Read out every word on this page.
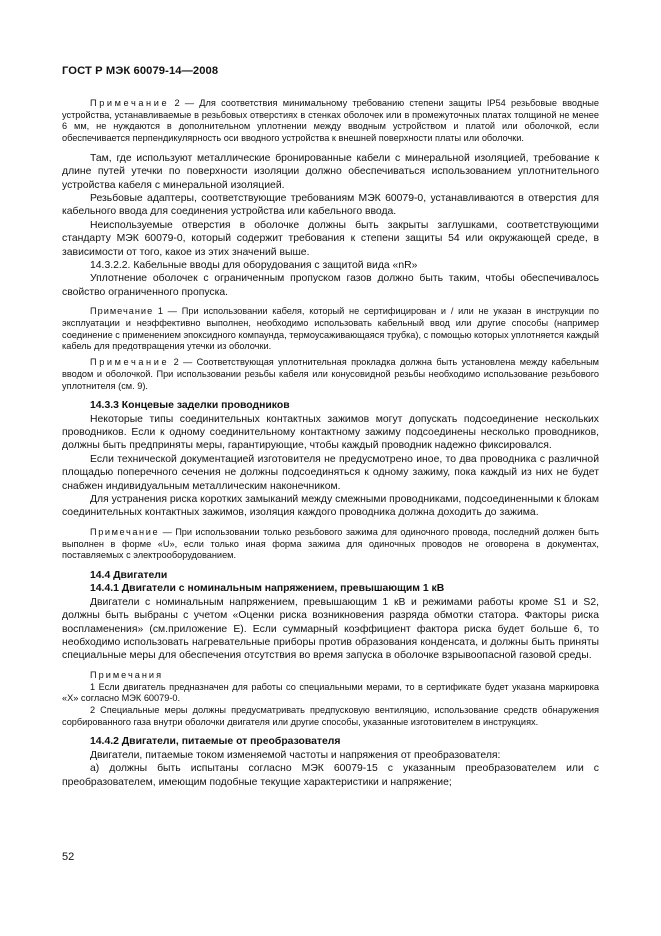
ГОСТ Р МЭК 60079-14—2008

Примечание 2 — Для соответствия минимальному требованию степени защиты IP54 резьбовые вводные устройства, устанавливаемые в резьбовых отверстиях в стенках оболочек или в промежуточных платах толщиной не менее 6 мм, не нуждаются в дополнительном уплотнении между вводным устройством и платой или оболочкой, если обеспечивается перпендикулярность оси вводного устройства к внешней поверхности платы или оболочки.

Там, где используют металлические бронированные кабели с минеральной изоляцией, требование к длине путей утечки по поверхности изоляции должно обеспечиваться использованием уплотнительного устройства кабеля с минеральной изоляцией.

Резьбовые адаптеры, соответствующие требованиям МЭК 60079-0, устанавливаются в отверстия для кабельного ввода для соединения устройства или кабельного ввода.

Неиспользуемые отверстия в оболочке должны быть закрыты заглушками, соответствующими стандарту МЭК 60079-0, который содержит требования к степени защиты 54 или окружающей среде, в зависимости от того, какое из этих значений выше.

14.3.2.2. Кабельные вводы для оборудования с защитой вида «nR»

Уплотнение оболочек с ограниченным пропуском газов должно быть таким, чтобы обеспечивалось свойство ограниченного пропуска.

Примечание 1 — При использовании кабеля, который не сертифицирован и / или не указан в инструкции по эксплуатации и неэффективно выполнен, необходимо использовать кабельный ввод или другие способы (например соединение с применением эпоксидного компаунда, термоусаживающаяся трубка), с помощью которых уплотняется каждый кабель для предотвращения утечки из оболочки.

Примечание 2 — Соответствующая уплотнительная прокладка должна быть установлена между кабельным вводом и оболочкой. При использовании резьбы кабеля или конусовидной резьбы необходимо использование резьбового уплотнителя (см. 9).

14.3.3 Концевые заделки проводников

Некоторые типы соединительных контактных зажимов могут допускать подсоединение нескольких проводников. Если к одному соединительному контактному зажиму подсоединены несколько проводников, должны быть предприняты меры, гарантирующие, чтобы каждый проводник надежно фиксировался.

Если технической документацией изготовителя не предусмотрено иное, то два проводника с различной площадью поперечного сечения не должны подсоединяться к одному зажиму, пока каждый из них не будет снабжен индивидуальным металлическим наконечником.

Для устранения риска коротких замыканий между смежными проводниками, подсоединенными к блокам соединительных контактных зажимов, изоляция каждого проводника должна доходить до зажима.

Примечание — При использовании только резьбового зажима для одиночного провода, последний должен быть выполнен в форме «U», если только иная форма зажима для одиночных проводов не оговорена в документах, поставляемых с электрооборудованием.

14.4 Двигатели
14.4.1 Двигатели с номинальным напряжением, превышающим 1 кВ

Двигатели с номинальным напряжением, превышающим 1 кВ и режимами работы кроме S1 и S2, должны быть выбраны с учетом «Оценки риска возникновения разряда обмотки статора. Факторы риска воспламенения» (см.приложение Е). Если суммарный коэффициент фактора риска будет больше 6, то необходимо использовать нагревательные приборы против образования конденсата, и должны быть приняты специальные меры для обеспечения отсутствия во время запуска в оболочке взрывоопасной газовой среды.

Примечания

1 Если двигатель предназначен для работы со специальными мерами, то в сертификате будет указана маркировка «X» согласно МЭК 60079-0.

2 Специальные меры должны предусматривать предпусковую вентиляцию, использование средств обнаружения сорбированного газа внутри оболочки двигателя или другие способы, указанные изготовителем в инструкциях.

14.4.2 Двигатели, питаемые от преобразователя

Двигатели, питаемые током изменяемой частоты и напряжения от преобразователя:

а) должны быть испытаны согласно МЭК 60079-15 с указанным преобразователем или с преобразователем, имеющим подобные текущие характеристики и напряжение;

52
